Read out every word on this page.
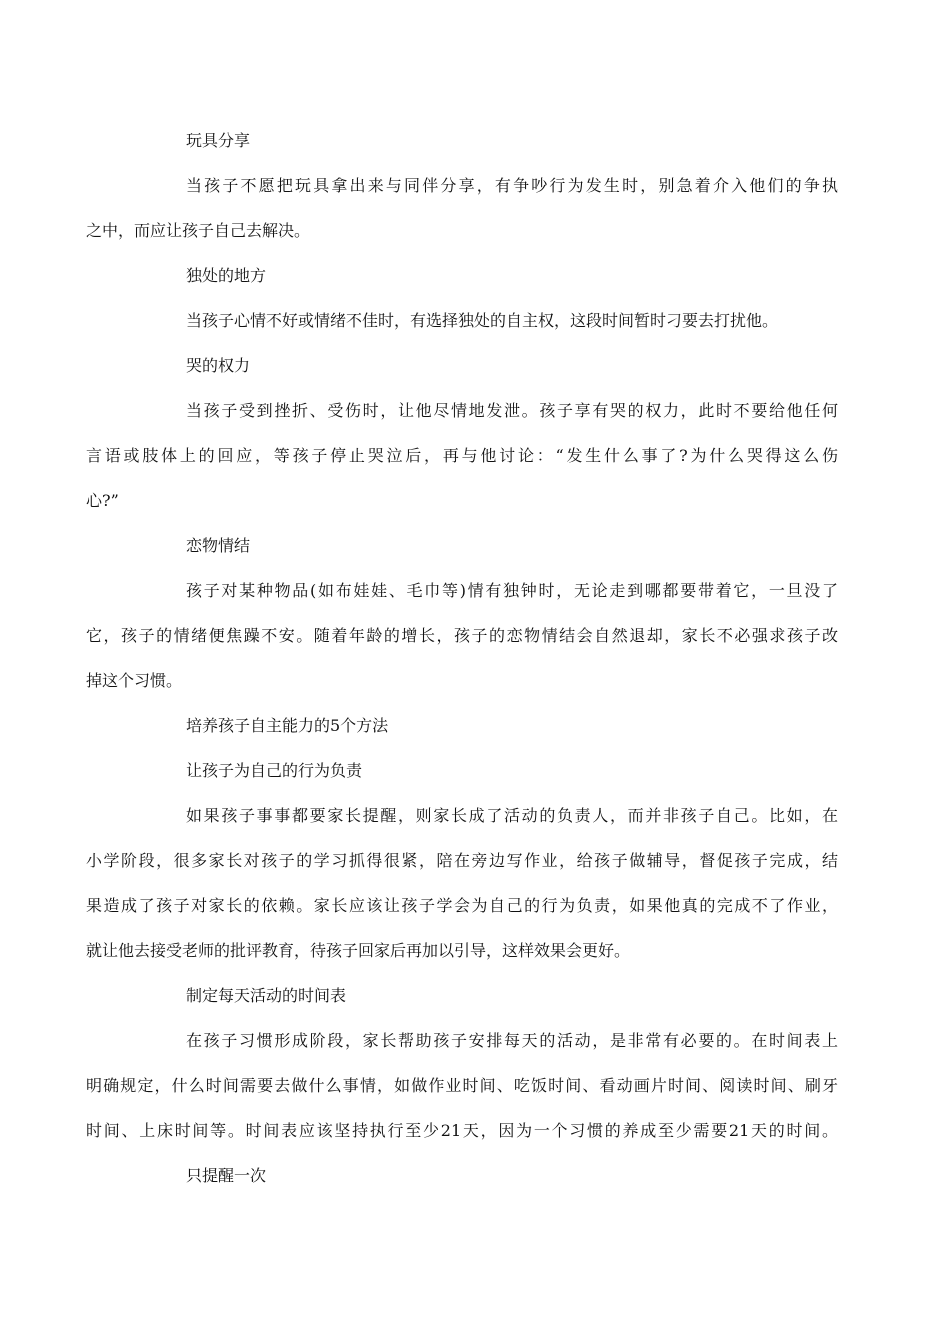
玩具分享
当孩子不愿把玩具拿出来与同伴分享，有争吵行为发生时，别急着介入他们的争执
之中，而应让孩子自己去解决。
独处的地方
当孩子心情不好或情绪不佳时，有选择独处的自主权，这段时间暂时刁要去打扰他。
哭的权力
当孩子受到挫折、受伤时，让他尽情地发泄。孩子享有哭的权力，此时不要给他任何
言语或肢体上的回应，等孩子停止哭泣后，再与他讨论：“发生什么事了?为什么哭得这么伤
心?”
恋物情结
孩子对某种物品(如布娃娃、毛巾等)情有独钟时，无论走到哪都要带着它，一旦没了
它，孩子的情绪便焦躁不安。随着年龄的增长，孩子的恋物情结会自然退却，家长不必强求孩子改
掉这个习惯。
培养孩子自主能力的5个方法
让孩子为自己的行为负责
如果孩子事事都要家长提醒，则家长成了活动的负责人，而并非孩子自己。比如，在
小学阶段，很多家长对孩子的学习抓得很紧，陪在旁边写作业，给孩子做辅导，督促孩子完成，结
果造成了孩子对家长的依赖。家长应该让孩子学会为自己的行为负责，如果他真的完成不了作业，
就让他去接受老师的批评教育，待孩子回家后再加以引导，这样效果会更好。
制定每天活动的时间表
在孩子习惯形成阶段，家长帮助孩子安排每天的活动，是非常有必要的。在时间表上
明确规定，什么时间需要去做什么事情，如做作业时间、吃饭时间、看动画片时间、阅读时间、刷牙
时间、上床时间等。时间表应该坚持执行至少21天，因为一个习惯的养成至少需要21天的时间。
只提醒一次
